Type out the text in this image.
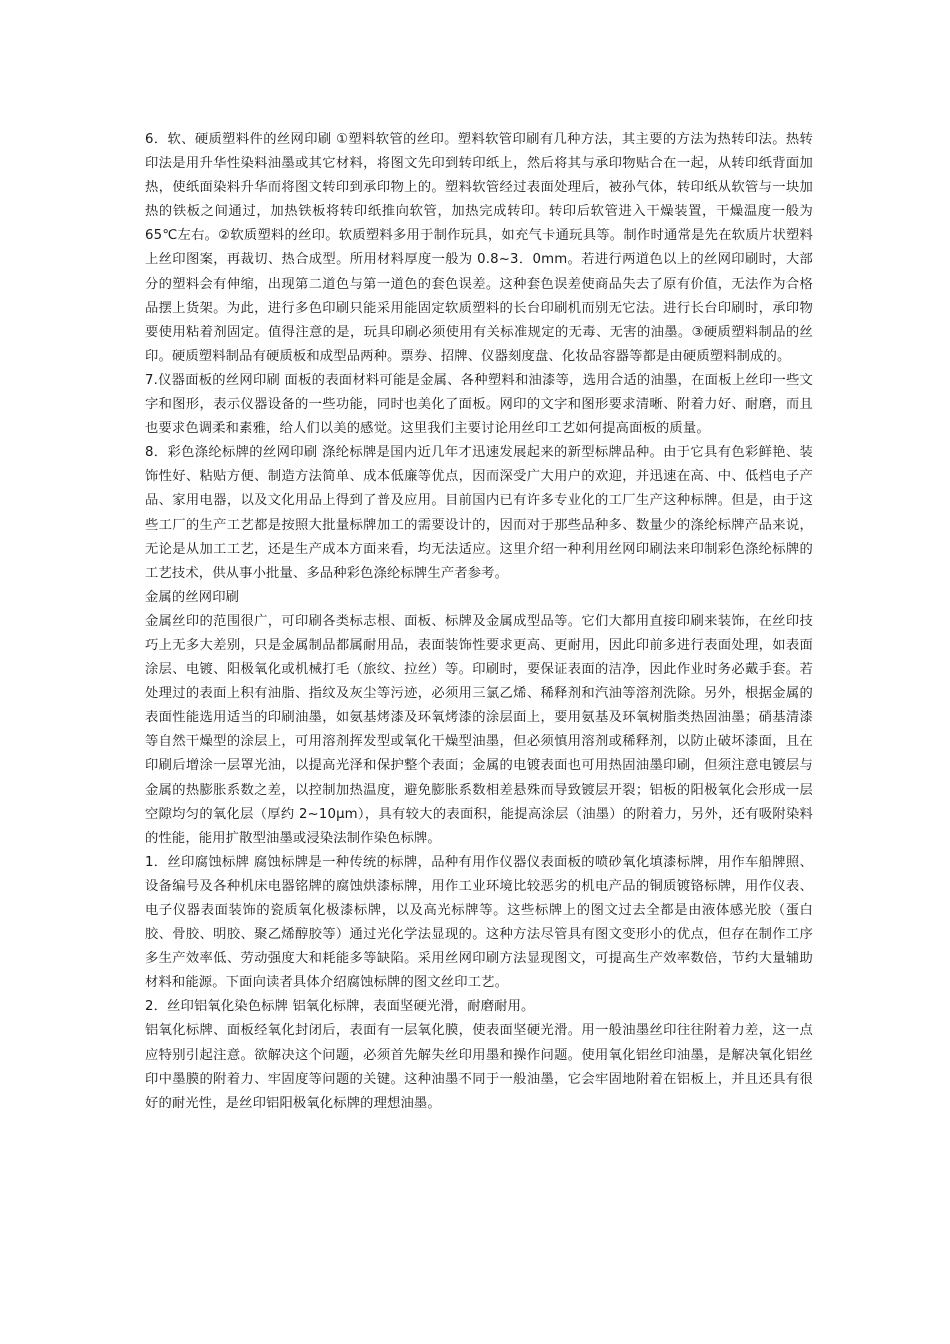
6．软、硬质塑料件的丝网印刷 ①塑料软管的丝印。塑料软管印刷有几种方法，其主要的方法为热转印法。热转印法是用升华性染料油墨或其它材料，将图文先印到转印纸上，然后将其与承印物贴合在一起，从转印纸背面加热，使纸面染料升华而将图文转印到承印物上的。塑料软管经过表面处理后，被孙气体，转印纸从软管与一块加热的铁板之间通过，加热铁板将转印纸推向软管，加热完成转印。转印后软管进入干燥装置，干燥温度一般为65℃左右。②软质塑料的丝印。软质塑料多用于制作玩具，如充气卡通玩具等。制作时通常是先在软质片状塑料上丝印图案，再裁切、热合成型。所用材料厚度一般为 0.8~3．0mm。若进行两道色以上的丝网印刷时，大部分的塑料会有伸缩，出现第二道色与第一道色的套色误差。这种套色误差使商品失去了原有价值，无法作为合格品摆上货架。为此，进行多色印刷只能采用能固定软质塑料的长台印刷机而别无它法。进行长台印刷时，承印物要使用粘着剂固定。值得注意的是，玩具印刷必须使用有关标准规定的无毒、无害的油墨。③硬质塑料制品的丝印。硬质塑料制品有硬质板和成型品两种。票券、招牌、仪器刻度盘、化妆品容器等都是由硬质塑料制成的。

7.仪器面板的丝网印刷 面板的表面材料可能是金属、各种塑料和油漆等，选用合适的油墨，在面板上丝印一些文字和图形，表示仪器设备的一些功能，同时也美化了面板。网印的文字和图形要求清晰、附着力好、耐磨，而且也要求色调柔和素雅，给人们以美的感觉。这里我们主要讨论用丝印工艺如何提高面板的质量。

8．彩色涤纶标牌的丝网印刷 涤纶标牌是国内近几年才迅速发展起来的新型标牌品种。由于它具有色彩鲜艳、装饰性好、粘贴方便、制造方法简单、成本低廉等优点，因而深受广大用户的欢迎，并迅速在高、中、低档电子产品、家用电器，以及文化用品上得到了普及应用。目前国内已有许多专业化的工厂生产这种标牌。但是，由于这些工厂的生产工艺都是按照大批量标牌加工的需要设计的，因而对于那些品种多、数量少的涤纶标牌产品来说，无论是从加工工艺，还是生产成本方面来看，均无法适应。这里介绍一种利用丝网印刷法来印制彩色涤纶标牌的工艺技术，供从事小批量、多品种彩色涤纶标牌生产者参考。

金属的丝网印刷

金属丝印的范围很广，可印刷各类标志根、面板、标牌及金属成型品等。它们大都用直接印刷来装饰，在丝印技巧上无多大差别，只是金属制品都属耐用品，表面装饰性要求更高、更耐用，因此印前多进行表面处理，如表面涂层、电镀、阳极氧化或机械打毛（旅纹、拉丝）等。印刷时，要保证表面的洁净，因此作业时务必戴手套。若处理过的表面上积有油脂、指纹及灰尘等污迹，必须用三氯乙烯、稀释剂和汽油等溶剂洗除。另外，根据金属的表面性能选用适当的印刷油墨，如氨基烤漆及环氧烤漆的涂层面上，要用氨基及环氧树脂类热固油墨；硝基清漆等自然干燥型的涂层上，可用溶剂挥发型或氧化干燥型油墨，但必须慎用溶剂或稀释剂，以防止破坏漆面，且在印刷后增涂一层罩光油，以提高光泽和保护整个表面；金属的电镀表面也可用热固油墨印刷，但须注意电镀层与金属的热膨胀系数之差，以控制加热温度，避免膨胀系数相差悬殊而导致镀层开裂；铝板的阳极氧化会形成一层空隙均匀的氧化层（厚约 2~10μm），具有较大的表面积，能提高涂层（油墨）的附着力，另外，还有吸附染料的性能，能用扩散型油墨或浸染法制作染色标牌。

1．丝印腐蚀标牌 腐蚀标牌是一种传统的标牌，品种有用作仪器仪表面板的喷砂氧化填漆标牌，用作车船牌照、设备编号及各种机床电器铭牌的腐蚀烘漆标牌，用作工业环境比较恶劣的机电产品的铜质镀铬标牌，用作仪表、电子仪器表面装饰的瓷质氧化极漆标牌，以及高光标牌等。这些标牌上的图文过去全都是由液体感光胶（蛋白胶、骨胶、明胶、聚乙烯醇胶等）通过光化学法显现的。这种方法尽管具有图文变形小的优点，但存在制作工序多生产效率低、劳动强度大和耗能多等缺陷。采用丝网印刷方法显现图文，可提高生产效率数倍，节约大量辅助材料和能源。下面向读者具体介绍腐蚀标牌的图文丝印工艺。

2．丝印铝氧化染色标牌 铝氧化标牌，表面坚硬光滑，耐磨耐用。

铝氧化标牌、面板经氧化封闭后，表面有一层氧化膜，使表面坚硬光滑。用一般油墨丝印往往附着力差，这一点应特别引起注意。欲解决这个问题，必须首先解失丝印用墨和操作问题。使用氧化铝丝印油墨，是解决氧化铝丝印中墨膜的附着力、牢固度等问题的关键。这种油墨不同于一般油墨，它会牢固地附着在铝板上，并且还具有很好的耐光性，是丝印铝阳极氧化标牌的理想油墨。
